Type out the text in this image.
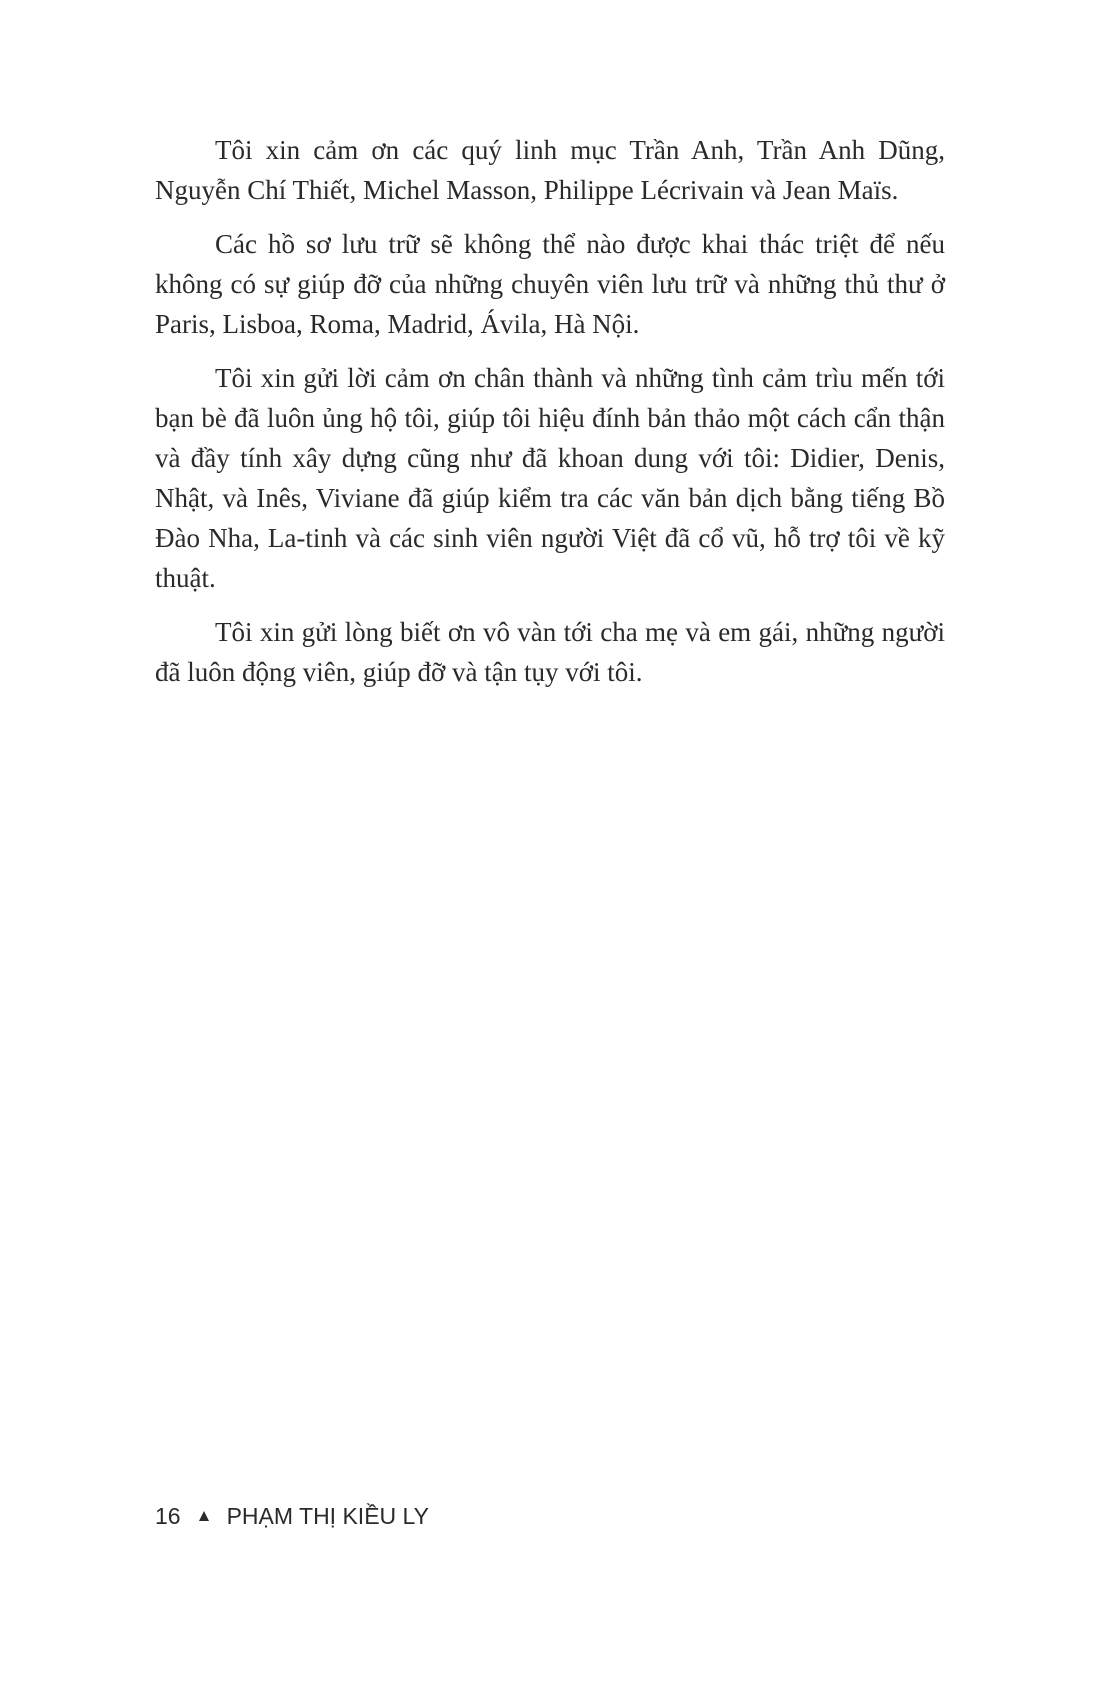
Tôi xin cảm ơn các quý linh mục Trần Anh, Trần Anh Dũng, Nguyễn Chí Thiết, Michel Masson, Philippe Lécrivain và Jean Maïs.

Các hồ sơ lưu trữ sẽ không thể nào được khai thác triệt để nếu không có sự giúp đỡ của những chuyên viên lưu trữ và những thủ thư ở Paris, Lisboa, Roma, Madrid, Ávila, Hà Nội.

Tôi xin gửi lời cảm ơn chân thành và những tình cảm trìu mến tới bạn bè đã luôn ủng hộ tôi, giúp tôi hiệu đính bản thảo một cách cẩn thận và đầy tính xây dựng cũng như đã khoan dung với tôi: Didier, Denis, Nhật, và Inês, Viviane đã giúp kiểm tra các văn bản dịch bằng tiếng Bồ Đào Nha, La-tinh và các sinh viên người Việt đã cổ vũ, hỗ trợ tôi về kỹ thuật.

Tôi xin gửi lòng biết ơn vô vàn tới cha mẹ và em gái, những người đã luôn động viên, giúp đỡ và tận tụy với tôi.

16 PHẠM THỊ KIỀU LY
